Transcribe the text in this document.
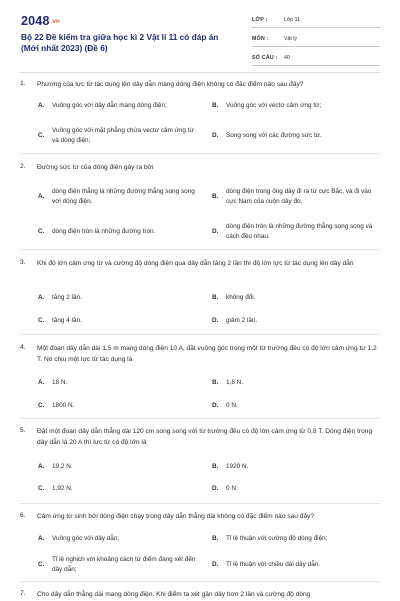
2048.vn
Bộ 22 Đề kiểm tra giữa học kì 2 Vật lí 11 có đáp án (Mới nhất 2023) (Đề 6)
LỚP :	Lớp 11
MÔN :	Vật lý
SỐ CÂU : 40
1. Phương của lực từ tác dụng lên dây dẫn mang dòng điện không có đặc điểm nào sau đây?
A. Vuông góc với dây dẫn mang dòng điện;	B. Vuông góc với vectơ cảm ứng từ;
C.
Vuông góc với mặt phẳng chứa vectơ cảm ứng từ và dòng điện;
D. Song song với các đường sức từ.
2. Đường sức từ của dòng điện gây ra bởi
A.
dòng điện thẳng là những đường thẳng song song với dòng điện.
B.
dòng điện trong ống dây đi ra từ cực Bắc, và đi vào cực Nam của cuộn dây đó.
C. dòng điện tròn là những đường tròn.	D.
dòng điện tròn là những đường thẳng song song và cách đều nhau.
3. Khi độ lớn cảm ứng từ và cường độ dòng điện qua dây dẫn tăng 2 lần thì độ lớn lực từ tác dụng lên dây dẫn
A. tăng 2 lần.	B. không đổi.
C. tăng 4 lần.	D. giảm 2 lần.
4. Một đoạn dây dẫn dài 1,5 m mang dòng điện 10 A, đặt vuông góc trong một từ trường đều có độ lớn cảm ứng từ 1,2 T. Nó chịu một lực từ tác dụng là
A. 18 N.	B. 1,8 N.
C. 1800 N.	D. 0 N.
5. Đặt một đoạn dây dẫn thẳng dài 120 cm song song với từ trường đều có độ lớn cảm ứng từ 0,8 T. Dòng điện trong dây dẫn là 20 A thì lực từ có độ lớn là
A. 19,2 N.	B. 1920 N.
C. 1,92 N.	D. 0 N.
6. Cảm ứng từ sinh bởi dòng điện chạy trong dây dẫn thẳng dài không có đặc điểm nào sau đây?
A. Vuông góc với dây dẫn;	B. Tỉ lệ thuận với cường độ dòng điện;
C.
Tỉ lệ nghịch với khoảng cách từ điểm đang xét đến dây dẫn;
D. Tỉ lệ thuận với chiều dài dây dẫn.
7. Cho dây dẫn thẳng dài mang dòng điện. Khi điểm ta xét gần dây hơn 2 lần và cường độ dòng
